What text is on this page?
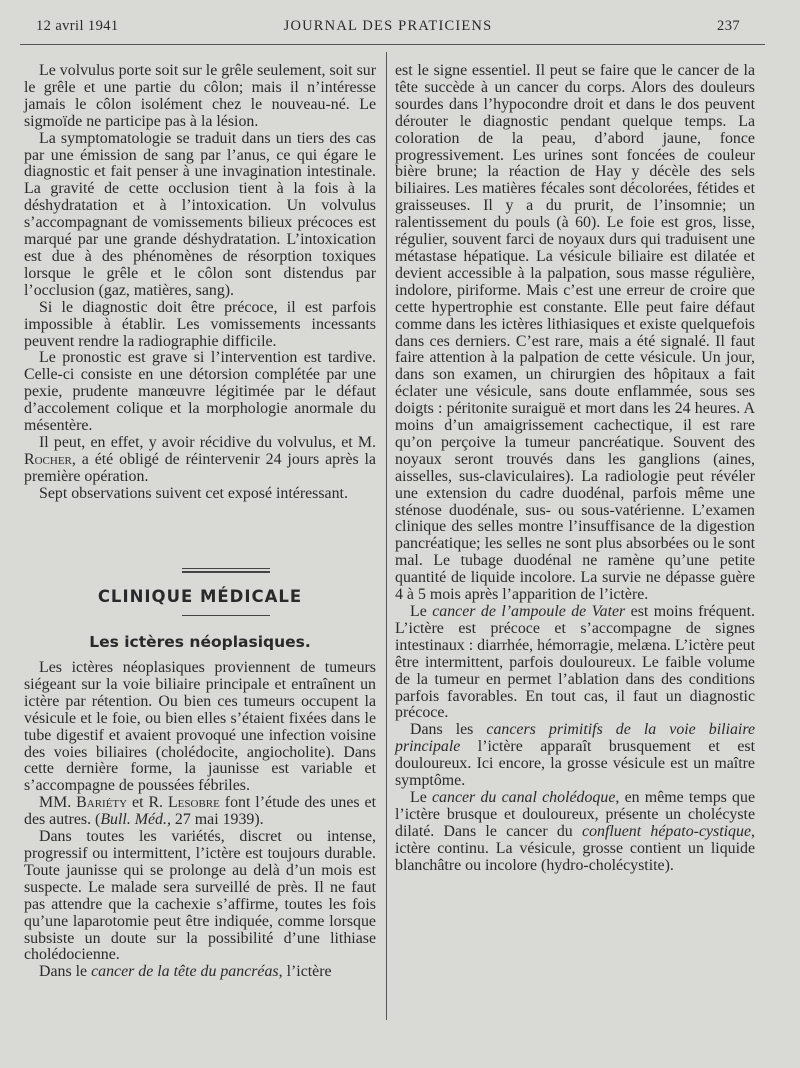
12 avril 1941	JOURNAL DES PRATICIENS	237

Le volvulus porte soit sur le grêle seulement, soit sur le grêle et une partie du côlon; mais il n’intéresse jamais le côlon isolément chez le nouveau-né. Le sigmoïde ne participe pas à la lésion.

La symptomatologie se traduit dans un tiers des cas par une émission de sang par l’anus, ce qui égare le diagnostic et fait penser à une invagination intestinale. La gravité de cette occlusion tient à la fois à la déshydratation et à l’intoxication. Un volvulus s’accompagnant de vomissements bilieux précoces est marqué par une grande déshydratation. L’intoxication est due à des phénomènes de résorption toxiques lorsque le grêle et le côlon sont distendus par l’occlusion (gaz, matières, sang).

Si le diagnostic doit être précoce, il est parfois impossible à établir. Les vomissements incessants peuvent rendre la radiographie difficile.

Le pronostic est grave si l’intervention est tardive. Celle-ci consiste en une détorsion complétée par une pexie, prudente manœuvre légitimée par le défaut d’accolement colique et la morphologie anormale du mésentère.

Il peut, en effet, y avoir récidive du volvulus, et M. Rocher, a été obligé de réintervenir 24 jours après la première opération.

Sept observations suivent cet exposé intéressant.

CLINIQUE MÉDICALE
Les ictères néoplasiques.

Les ictères néoplasiques proviennent de tumeurs siégeant sur la voie biliaire principale et entraînent un ictère par rétention. Ou bien ces tumeurs occupent la vésicule et le foie, ou bien elles s’étaient fixées dans le tube digestif et avaient provoqué une infection voisine des voies biliaires (cholédocite, angiocholite). Dans cette dernière forme, la jaunisse est variable et s’accompagne de poussées fébriles.

MM. Bariéty et R. Lesobre font l’étude des unes et des autres. (Bull. Méd., 27 mai 1939).

Dans toutes les variétés, discret ou intense, progressif ou intermittent, l’ictère est toujours durable. Toute jaunisse qui se prolonge au delà d’un mois est suspecte. Le malade sera surveillé de près. Il ne faut pas attendre que la cachexie s’affirme, toutes les fois qu’une laparotomie peut être indiquée, comme lorsque subsiste un doute sur la possibilité d’une lithiase cholédocienne.

Dans le cancer de la tête du pancréas, l’ictère

est le signe essentiel. Il peut se faire que le cancer de la tête succède à un cancer du corps. Alors des douleurs sourdes dans l’hypocondre droit et dans le dos peuvent dérouter le diagnostic pendant quelque temps. La coloration de la peau, d’abord jaune, fonce progressivement. Les urines sont foncées de couleur bière brune; la réaction de Hay y décèle des sels biliaires. Les matières fécales sont décolorées, fétides et graisseuses. Il y a du prurit, de l’insomnie; un ralentissement du pouls (à 60). Le foie est gros, lisse, régulier, souvent farci de noyaux durs qui traduisent une métastase hépatique. La vésicule biliaire est dilatée et devient accessible à la palpation, sous masse régulière, indolore, piriforme. Mais c’est une erreur de croire que cette hypertrophie est constante. Elle peut faire défaut comme dans les ictères lithiasiques et existe quelquefois dans ces derniers. C’est rare, mais a été signalé. Il faut faire attention à la palpation de cette vésicule. Un jour, dans son examen, un chirurgien des hôpitaux a fait éclater une vésicule, sans doute enflammée, sous ses doigts : péritonite suraiguë et mort dans les 24 heures. A moins d’un amaigrissement cachectique, il est rare qu’on perçoive la tumeur pancréatique. Souvent des noyaux seront trouvés dans les ganglions (aines, aisselles, sus-claviculaires). La radiologie peut révéler une extension du cadre duodénal, parfois même une sténose duodénale, sus- ou sous-vatérienne. L’examen clinique des selles montre l’insuffisance de la digestion pancréatique; les selles ne sont plus absorbées ou le sont mal. Le tubage duodénal ne ramène qu’une petite quantité de liquide incolore. La survie ne dépasse guère 4 à 5 mois après l’apparition de l’ictère.

Le cancer de l’ampoule de Vater est moins fréquent. L’ictère est précoce et s’accompagne de signes intestinaux : diarrhée, hémorragie, melæna. L’ictère peut être intermittent, parfois douloureux. Le faible volume de la tumeur en permet l’ablation dans des conditions parfois favorables. En tout cas, il faut un diagnostic précoce.

Dans les cancers primitifs de la voie biliaire principale l’ictère apparaît brusquement et est douloureux. Ici encore, la grosse vésicule est un maître symptôme.

Le cancer du canal cholédoque, en même temps que l’ictère brusque et douloureux, présente un cholécyste dilaté. Dans le cancer du confluent hépato-cystique, ictère continu. La vésicule, grosse contient un liquide blanchâtre ou incolore (hydro-cholécystite).
